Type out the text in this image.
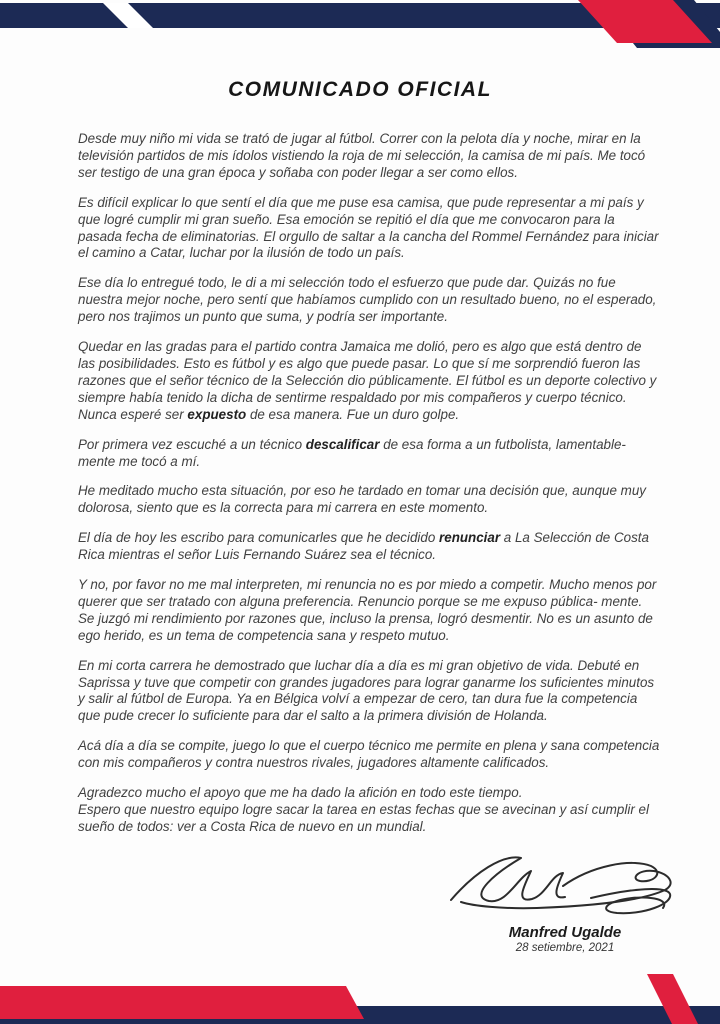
COMUNICADO OFICIAL

Desde muy niño mi vida se trató de jugar al fútbol. Correr con la pelota día y noche, mirar en la televisión partidos de mis ídolos vistiendo la roja de mi selección, la camisa de mi país. Me tocó ser testigo de una gran época y soñaba con poder llegar a ser como ellos.

Es difícil explicar lo que sentí el día que me puse esa camisa, que pude representar a mi país y que logré cumplir mi gran sueño. Esa emoción se repitió el día que me convocaron para la pasada fecha de eliminatorias. El orgullo de saltar a la cancha del Rommel Fernández para iniciar el camino a Catar, luchar por la ilusión de todo un país.

Ese día lo entregué todo, le di a mi selección todo el esfuerzo que pude dar. Quizás no fue nuestra mejor noche, pero sentí que habíamos cumplido con un resultado bueno, no el esperado, pero nos trajimos un punto que suma, y podría ser importante.

Quedar en las gradas para el partido contra Jamaica me dolió, pero es algo que está dentro de las posibilidades. Esto es fútbol y es algo que puede pasar. Lo que sí me sorprendió fueron las razones que el señor técnico de la Selección dio públicamente. El fútbol es un deporte colectivo y siempre había tenido la dicha de sentirme respaldado por mis compañeros y cuerpo técnico. Nunca esperé ser expuesto de esa manera. Fue un duro golpe.

Por primera vez escuché a un técnico descalificar de esa forma a un futbolista, lamentable- mente me tocó a mí.

He meditado mucho esta situación, por eso he tardado en tomar una decisión que, aunque muy dolorosa, siento que es la correcta para mi carrera en este momento.

El día de hoy les escribo para comunicarles que he decidido renunciar a La Selección de Costa Rica mientras el señor Luis Fernando Suárez sea el técnico.

Y no, por favor no me mal interpreten, mi renuncia no es por miedo a competir. Mucho menos por querer que ser tratado con alguna preferencia. Renuncio porque se me expuso pública- mente. Se juzgó mi rendimiento por razones que, incluso la prensa, logró desmentir. No es un asunto de ego herido, es un tema de competencia sana y respeto mutuo.

En mi corta carrera he demostrado que luchar día a día es mi gran objetivo de vida. Debuté en Saprissa y tuve que competir con grandes jugadores para lograr ganarme los suficientes minutos y salir al fútbol de Europa. Ya en Bélgica volví a empezar de cero, tan dura fue la competencia que pude crecer lo suficiente para dar el salto a la primera división de Holanda.

Acá día a día se compite, juego lo que el cuerpo técnico me permite en plena y sana competencia con mis compañeros y contra nuestros rivales, jugadores altamente calificados.

Agradezco mucho el apoyo que me ha dado la afición en todo este tiempo.
Espero que nuestro equipo logre sacar la tarea en estas fechas que se avecinan y así cumplir el sueño de todos: ver a Costa Rica de nuevo en un mundial.

Manfred Ugalde
28 setiembre, 2021
